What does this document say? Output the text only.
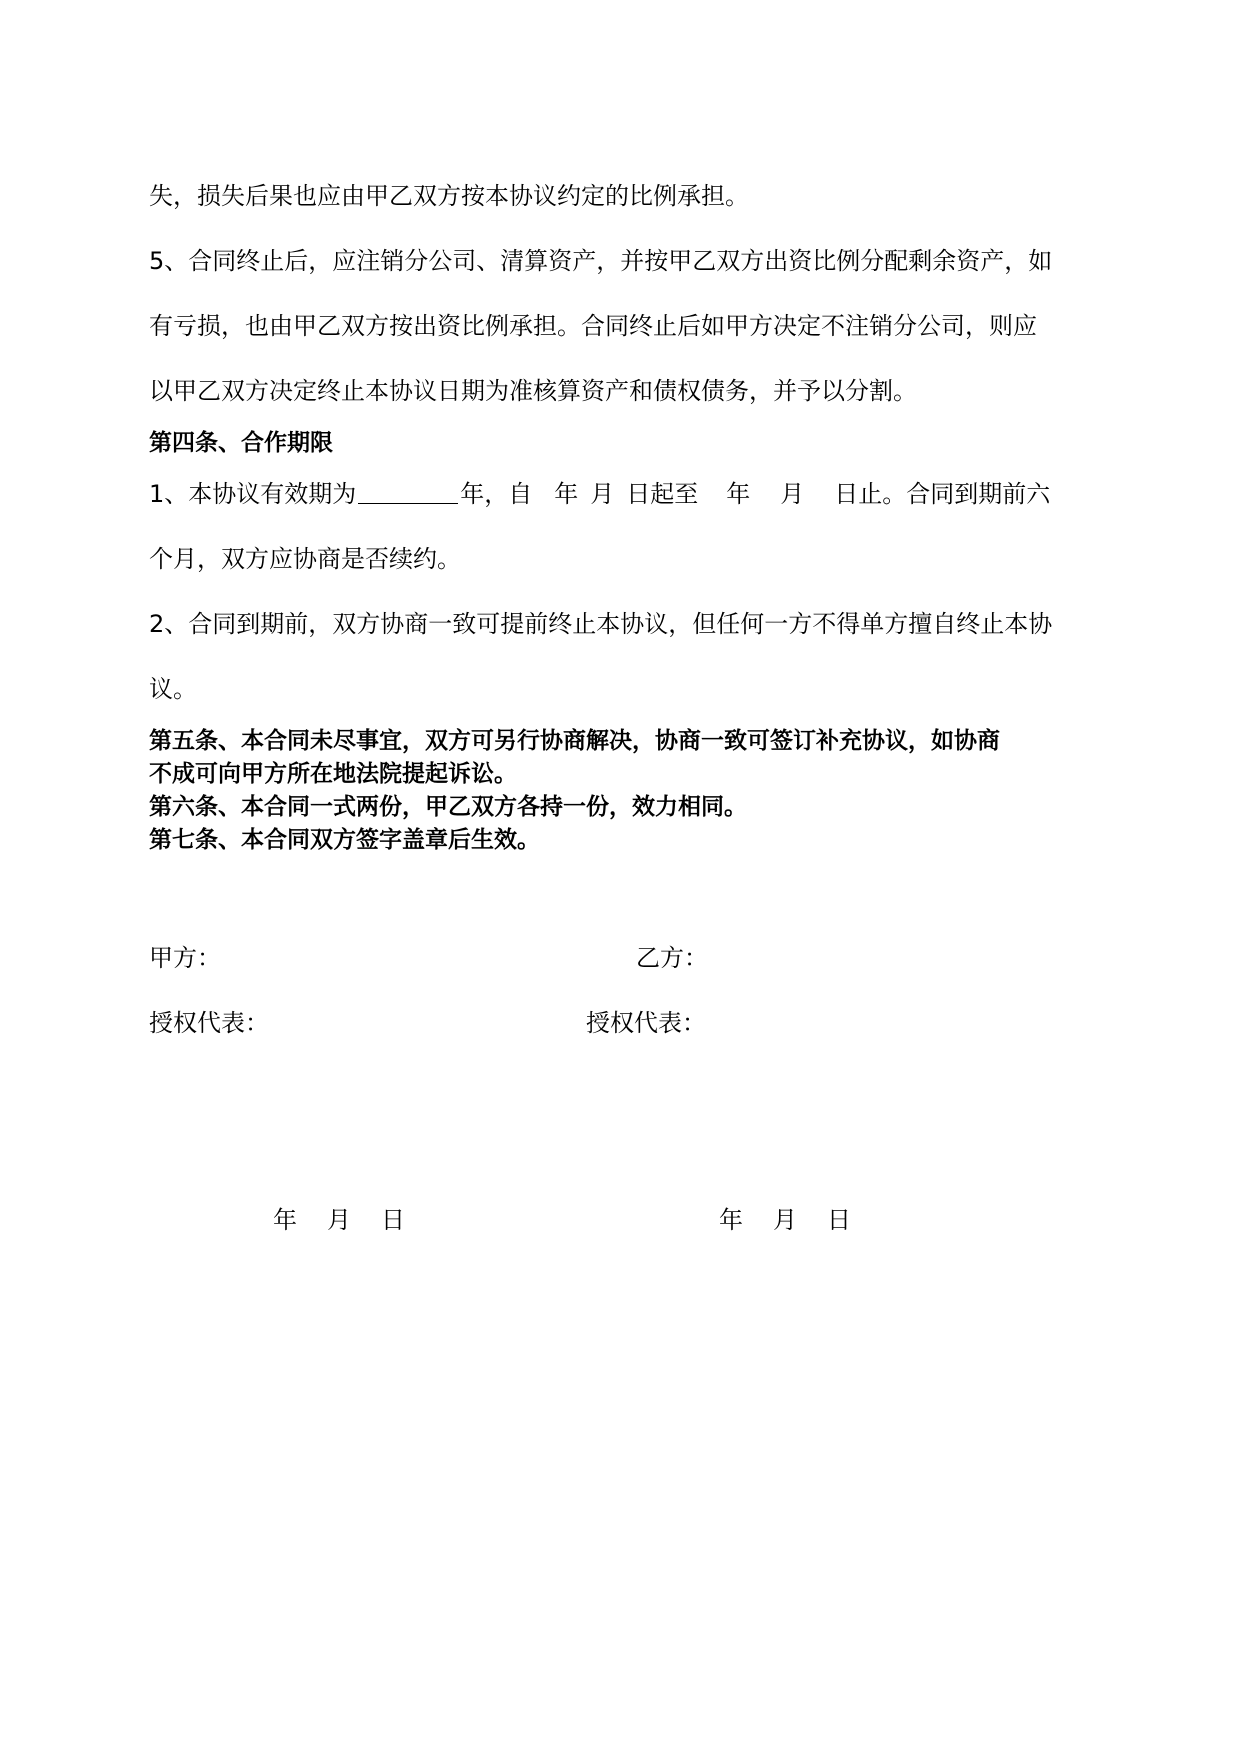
失，损失后果也应由甲乙双方按本协议约定的比例承担。
5、合同终止后，应注销分公司、清算资产，并按甲乙双方出资比例分配剩余资产，如
有亏损，也由甲乙双方按出资比例承担。合同终止后如甲方决定不注销分公司，则应
以甲乙双方决定终止本协议日期为准核算资产和债权债务，并予以分割。
第四条、合作期限
1、本协议有效期为	年，自 年 月 日起至 年 月 日止。合同到期前六
个月，双方应协商是否续约。
2、合同到期前，双方协商一致可提前终止本协议，但任何一方不得单方擅自终止本协
议。
第五条、本合同未尽事宜，双方可另行协商解决，协商一致可签订补充协议，如协商
不成可向甲方所在地法院提起诉讼。
第六条、本合同一式两份，甲乙双方各持一份，效力相同。
第七条、本合同双方签字盖章后生效。
甲方：	乙方：
授权代表：	授权代表：
年 月 日	年 月 日
